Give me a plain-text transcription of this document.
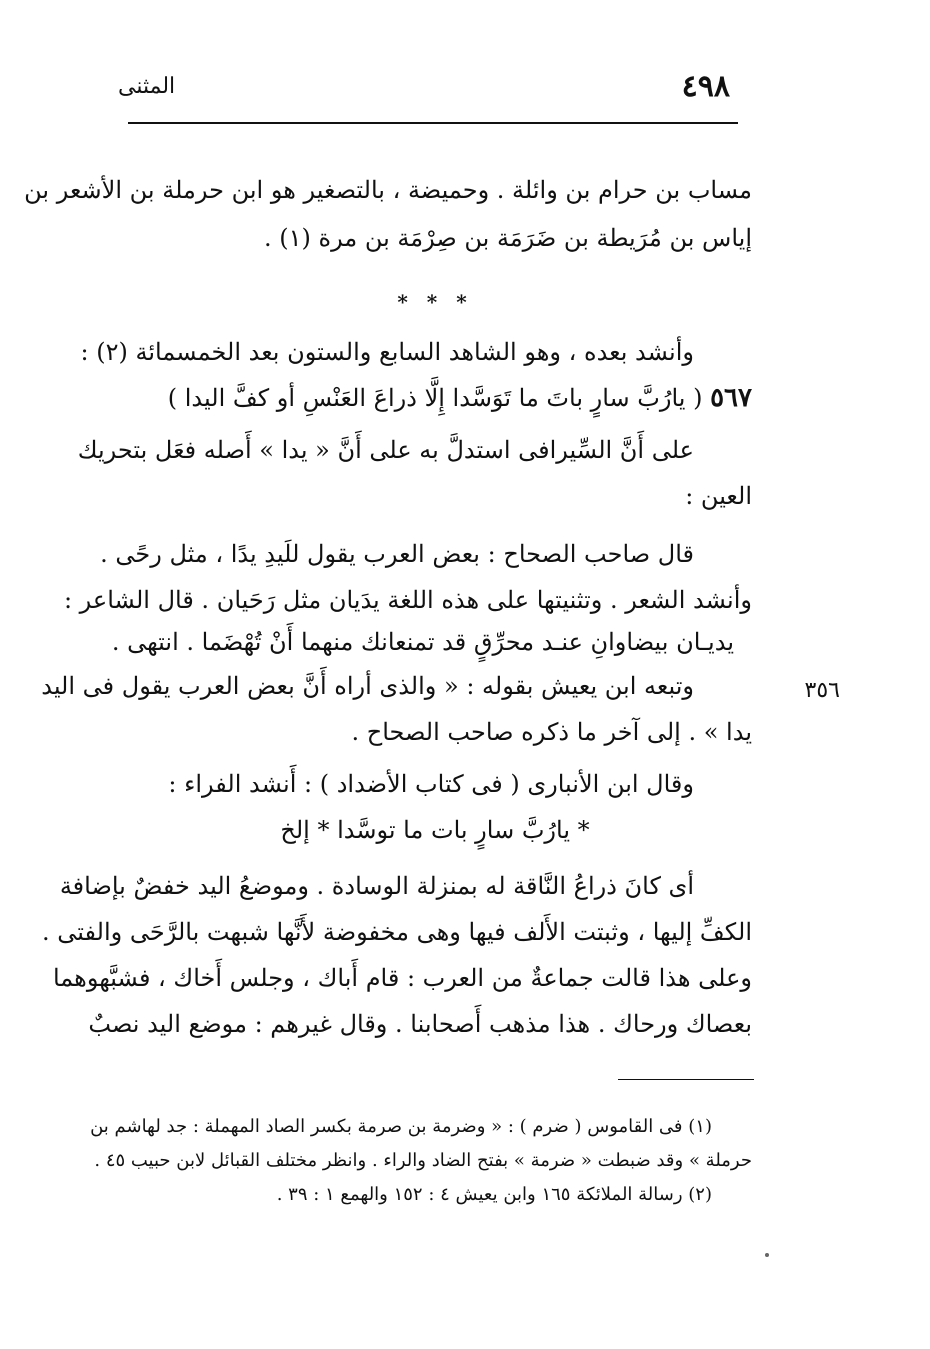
٤٩٨
المثنى
مساب بن حرام بن وائلة . وحميضة ، بالتصغير هو ابن حرملة بن الأشعر بن
إياس بن مُرَيطة بن ضَرَمَة بن صِرْمَة بن مرة (١) .
* * *
وأنشد بعده ، وهو الشاهد السابع والستون بعد الخمسمائة (٢) :
٥٦٧ ( يارُبَّ سارٍ باتَ ما تَوَسَّدا إِلَّا ذراعَ العَنْسِ أو كفَّ اليدا )
على أَنَّ السِّيرافى استدلَّ به على أَنَّ « يدا » أَصله فعَل بتحريك
العين :
قال صاحب الصحاح : بعض العرب يقول للَيدِ يدًا ، مثل رحًى .
وأنشد الشعر . وتثنيتها على هذه اللغة يدَيان مثل رَحَيان . قال الشاعر :
يديـان بيضاوانِ عنـد محرِّقٍ قد تمنعانك منهما أَنْ تُهْضَما . انتهى .
وتبعه ابن يعيش بقوله : « والذى أراه أَنَّ بعض العرب يقول فى اليد
يدا » . إلى آخر ما ذكره صاحب الصحاح .
٣٥٦
وقال ابن الأنبارى ( فى كتاب الأضداد ) : أَنشد الفراء :
* يارُبَّ سارٍ بات ما توسَّدا * إلخ
أى كانَ ذراعُ النَّاقة له بمنزلة الوسادة . وموضعُ اليد خفضٌ بإضافة
الكفِّ إليها ، وثبتت الأَلف فيها وهى مخفوضة لأَنَّها شبهت بالرَّحَى والفتى .
وعلى هذا قالت جماعةٌ من العرب : قام أَباك ، وجلس أَخاك ، فشبَّهوهما
بعصاك ورحاك . هذا مذهب أَصحابنا . وقال غيرهم : موضع اليد نصبٌ
(١) فى القاموس ( ضرم ) : « وضرمة بن صرمة بكسر الصاد المهملة : جد لهاشم بن
حرملة » وقد ضبطت « ضرمة » بفتح الضاد والراء . وانظر مختلف القبائل لابن حبيب ٤٥ .
(٢) رسالة الملائكة ١٦٥ وابن يعيش ٤ : ١٥٢ والهمع ١ : ٣٩ .
